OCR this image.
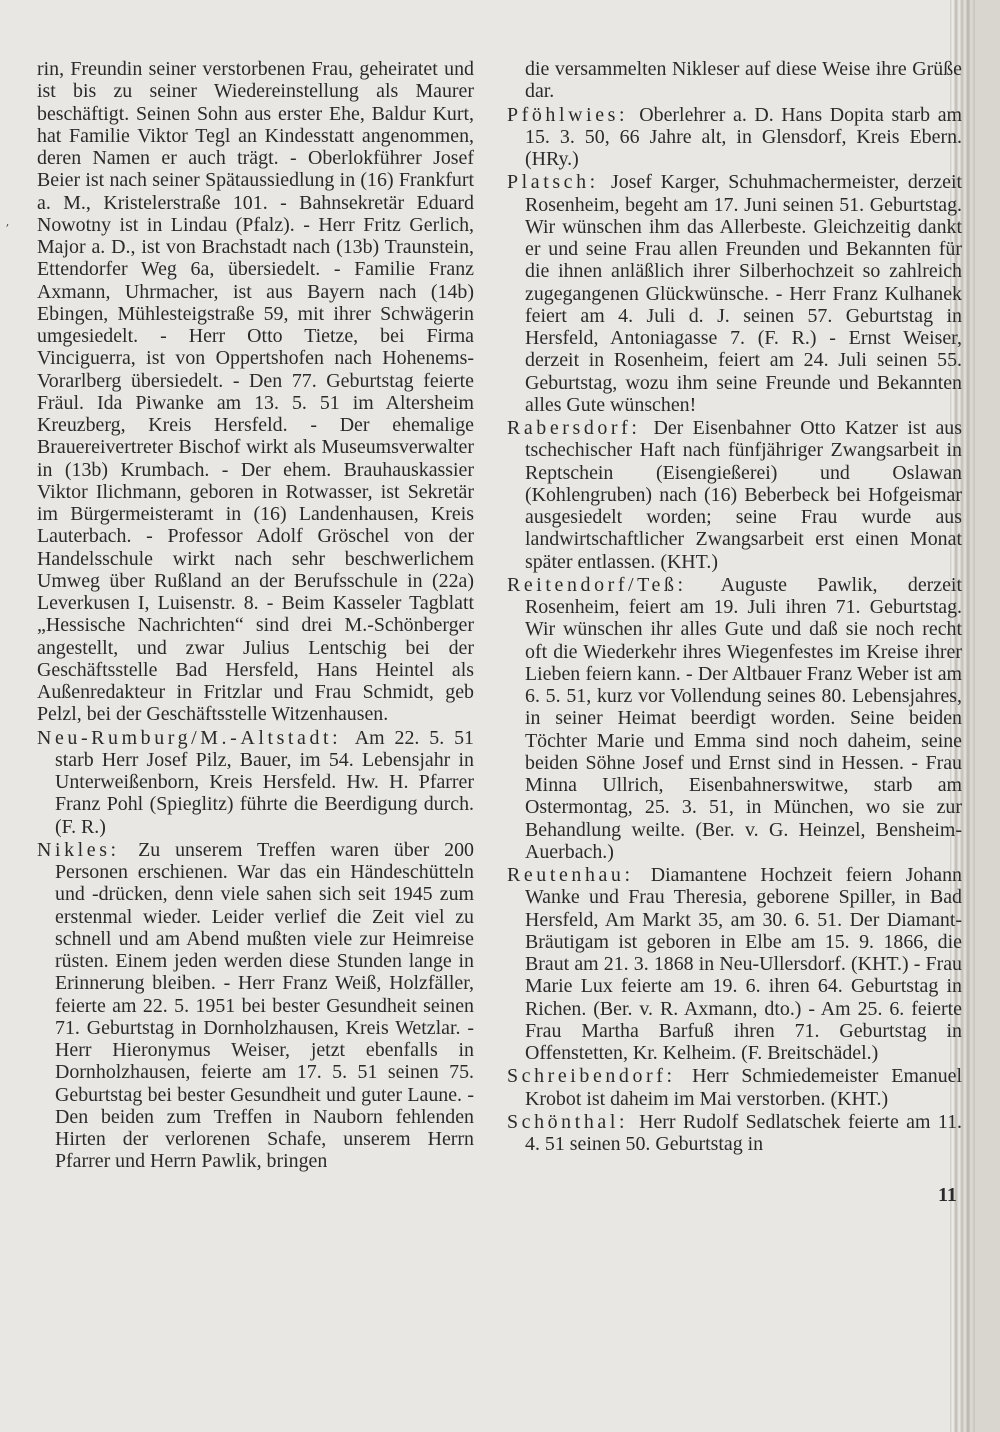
ʼ

rin, Freundin seiner verstorbenen Frau, geheiratet und ist bis zu seiner Wiedereinstellung als Maurer beschäftigt. Seinen Sohn aus erster Ehe, Baldur Kurt, hat Familie Viktor Tegl an Kindesstatt angenommen, deren Namen er auch trägt. - Oberlokführer Josef Beier ist nach seiner Spätaussiedlung in (16) Frankfurt a. M., Kristelerstraße 101. - Bahnsekretär Eduard Nowotny ist in Lindau (Pfalz). - Herr Fritz Gerlich, Major a. D., ist von Brachstadt nach (13b) Traunstein, Ettendorfer Weg 6a, übersiedelt. - Familie Franz Axmann, Uhrmacher, ist aus Bayern nach (14b) Ebingen, Mühlesteigstraße 59, mit ihrer Schwägerin umgesiedelt. - Herr Otto Tietze, bei Firma Vinciguerra, ist von Oppertshofen nach Hohenems-Vorarlberg übersiedelt. - Den 77. Geburtstag feierte Fräul. Ida Piwanke am 13. 5. 51 im Altersheim Kreuzberg, Kreis Hersfeld. - Der ehemalige Brauereivertreter Bischof wirkt als Museumsverwalter in (13b) Krumbach. - Der ehem. Brauhauskassier Viktor Ilichmann, geboren in Rotwasser, ist Sekretär im Bürgermeisteramt in (16) Landenhausen, Kreis Lauterbach. - Professor Adolf Gröschel von der Handelsschule wirkt nach sehr beschwerlichem Umweg über Rußland an der Berufsschule in (22a) Leverkusen I, Luisenstr. 8. - Beim Kasseler Tagblatt „Hessische Nachrichten“ sind drei M.-Schönberger angestellt, und zwar Julius Lentschig bei der Geschäftsstelle Bad Hersfeld, Hans Heintel als Außenredakteur in Fritzlar und Frau Schmidt, geb Pelzl, bei der Geschäftsstelle Witzenhausen.

Neu-Rumburg/M.-Altstadt: Am 22. 5. 51 starb Herr Josef Pilz, Bauer, im 54. Lebensjahr in Unterweißenborn, Kreis Hersfeld. Hw. H. Pfarrer Franz Pohl (Spieglitz) führte die Beerdigung durch. (F. R.)

Nikles: Zu unserem Treffen waren über 200 Personen erschienen. War das ein Händeschütteln und -drücken, denn viele sahen sich seit 1945 zum erstenmal wieder. Leider verlief die Zeit viel zu schnell und am Abend mußten viele zur Heimreise rüsten. Einem jeden werden diese Stunden lange in Erinnerung bleiben. - Herr Franz Weiß, Holzfäller, feierte am 22. 5. 1951 bei bester Gesundheit seinen 71. Geburtstag in Dornholzhausen, Kreis Wetzlar. - Herr Hieronymus Weiser, jetzt ebenfalls in Dornholzhausen, feierte am 17. 5. 51 seinen 75. Geburtstag bei bester Gesundheit und guter Laune. - Den beiden zum Treffen in Nauborn fehlenden Hirten der verlorenen Schafe, unserem Herrn Pfarrer und Herrn Pawlik, bringen

die versammelten Nikleser auf diese Weise ihre Grüße dar.

Pföhlwies: Oberlehrer a. D. Hans Dopita starb am 15. 3. 50, 66 Jahre alt, in Glensdorf, Kreis Ebern. (HRy.)

Platsch: Josef Karger, Schuhmachermeister, derzeit Rosenheim, begeht am 17. Juni seinen 51. Geburtstag. Wir wünschen ihm das Allerbeste. Gleichzeitig dankt er und seine Frau allen Freunden und Bekannten für die ihnen anläßlich ihrer Silberhochzeit so zahlreich zugegangenen Glückwünsche. - Herr Franz Kulhanek feiert am 4. Juli d. J. seinen 57. Geburtstag in Hersfeld, Antoniagasse 7. (F. R.) - Ernst Weiser, derzeit in Rosenheim, feiert am 24. Juli seinen 55. Geburtstag, wozu ihm seine Freunde und Bekannten alles Gute wünschen!

Rabersdorf: Der Eisenbahner Otto Katzer ist aus tschechischer Haft nach fünfjähriger Zwangsarbeit in Reptschein (Eisengießerei) und Oslawan (Kohlengruben) nach (16) Beberbeck bei Hofgeismar ausgesiedelt worden; seine Frau wurde aus landwirtschaftlicher Zwangsarbeit erst einen Monat später entlassen. (KHT.)

Reitendorf/Teß: Auguste Pawlik, derzeit Rosenheim, feiert am 19. Juli ihren 71. Geburtstag. Wir wünschen ihr alles Gute und daß sie noch recht oft die Wiederkehr ihres Wiegenfestes im Kreise ihrer Lieben feiern kann. - Der Altbauer Franz Weber ist am 6. 5. 51, kurz vor Vollendung seines 80. Lebensjahres, in seiner Heimat beerdigt worden. Seine beiden Töchter Marie und Emma sind noch daheim, seine beiden Söhne Josef und Ernst sind in Hessen. - Frau Minna Ullrich, Eisenbahnerswitwe, starb am Ostermontag, 25. 3. 51, in München, wo sie zur Behandlung weilte. (Ber. v. G. Heinzel, Bensheim-Auerbach.)

Reutenhau: Diamantene Hochzeit feiern Johann Wanke und Frau Theresia, geborene Spiller, in Bad Hersfeld, Am Markt 35, am 30. 6. 51. Der Diamant-Bräutigam ist geboren in Elbe am 15. 9. 1866, die Braut am 21. 3. 1868 in Neu-Ullersdorf. (KHT.) - Frau Marie Lux feierte am 19. 6. ihren 64. Geburtstag in Richen. (Ber. v. R. Axmann, dto.) - Am 25. 6. feierte Frau Martha Barfuß ihren 71. Geburtstag in Offenstetten, Kr. Kelheim. (F. Breitschädel.)

Schreibendorf: Herr Schmiedemeister Emanuel Krobot ist daheim im Mai verstorben. (KHT.)

Schönthal: Herr Rudolf Sedlatschek feierte am 11. 4. 51 seinen 50. Geburtstag in

11
